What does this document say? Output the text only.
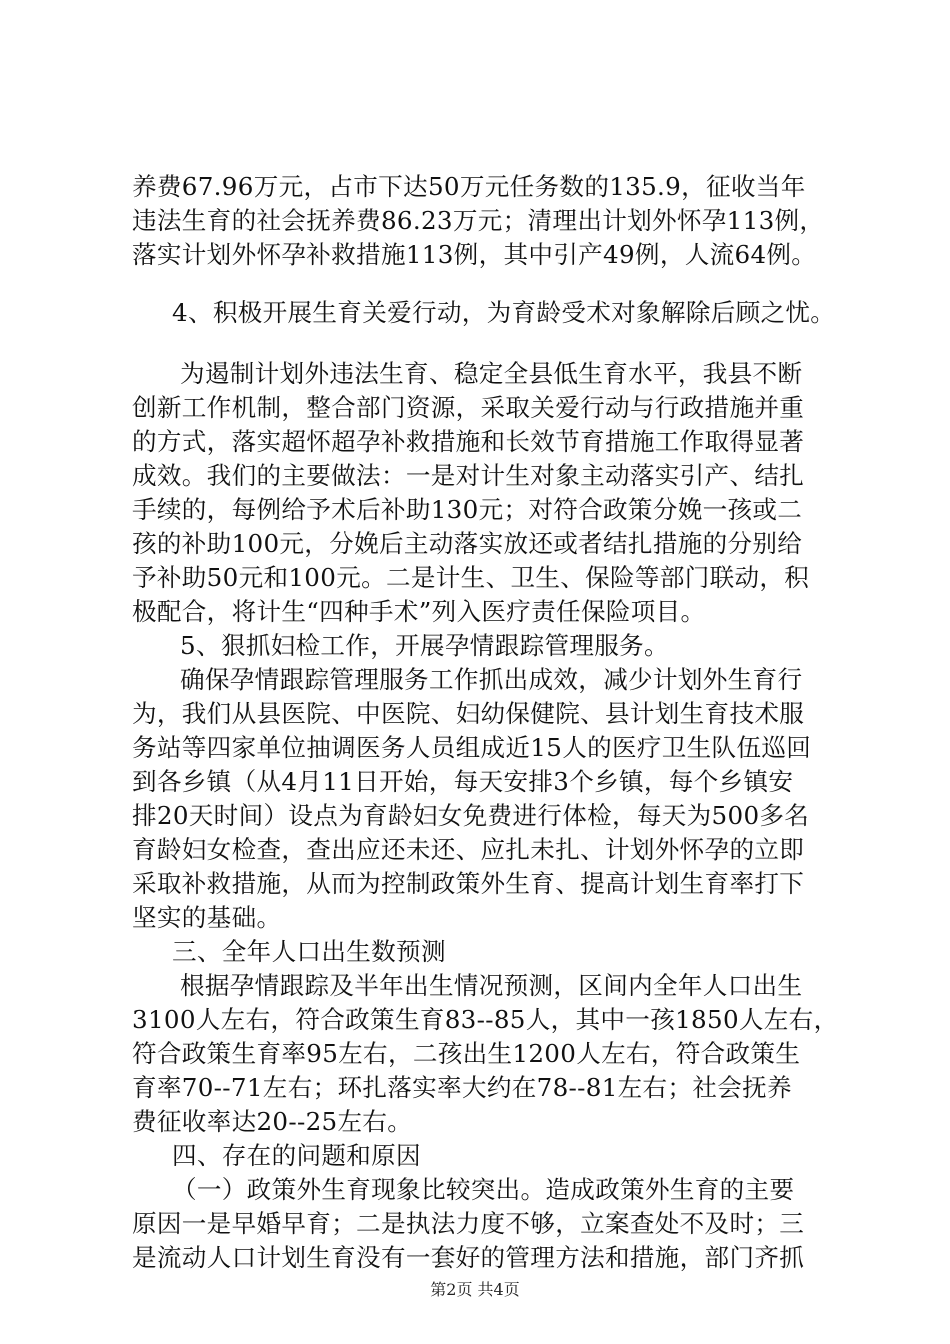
养费67.96万元，占市下达50万元任务数的135.9，征收当年
违法生育的社会抚养费86.23万元；清理出计划外怀孕113例，
落实计划外怀孕补救措施113例，其中引产49例，人流64例。
4、积极开展生育关爱行动，为育龄受术对象解除后顾之忧。
为遏制计划外违法生育、稳定全县低生育水平，我县不断
创新工作机制，整合部门资源，采取关爱行动与行政措施并重
的方式，落实超怀超孕补救措施和长效节育措施工作取得显著
成效。我们的主要做法：一是对计生对象主动落实引产、结扎
手续的，每例给予术后补助130元；对符合政策分娩一孩或二
孩的补助100元，分娩后主动落实放还或者结扎措施的分别给
予补助50元和100元。二是计生、卫生、保险等部门联动，积
极配合，将计生“四种手术”列入医疗责任保险项目。
5、狠抓妇检工作，开展孕情跟踪管理服务。
确保孕情跟踪管理服务工作抓出成效，减少计划外生育行
为，我们从县医院、中医院、妇幼保健院、县计划生育技术服
务站等四家单位抽调医务人员组成近15人的医疗卫生队伍巡回
到各乡镇（从4月11日开始，每天安排3个乡镇，每个乡镇安
排20天时间）设点为育龄妇女免费进行体检，每天为500多名
育龄妇女检查，查出应还未还、应扎未扎、计划外怀孕的立即
采取补救措施，从而为控制政策外生育、提高计划生育率打下
坚实的基础。
三、全年人口出生数预测
根据孕情跟踪及半年出生情况预测，区间内全年人口出生
3100人左右，符合政策生育83--85人，其中一孩1850人左右，
符合政策生育率95左右，二孩出生1200人左右，符合政策生
育率70--71左右；环扎落实率大约在78--81左右；社会抚养
费征收率达20--25左右。
四、存在的问题和原因
（一）政策外生育现象比较突出。造成政策外生育的主要
原因一是早婚早育；二是执法力度不够，立案查处不及时；三
是流动人口计划生育没有一套好的管理方法和措施，部门齐抓
第2页 共4页
